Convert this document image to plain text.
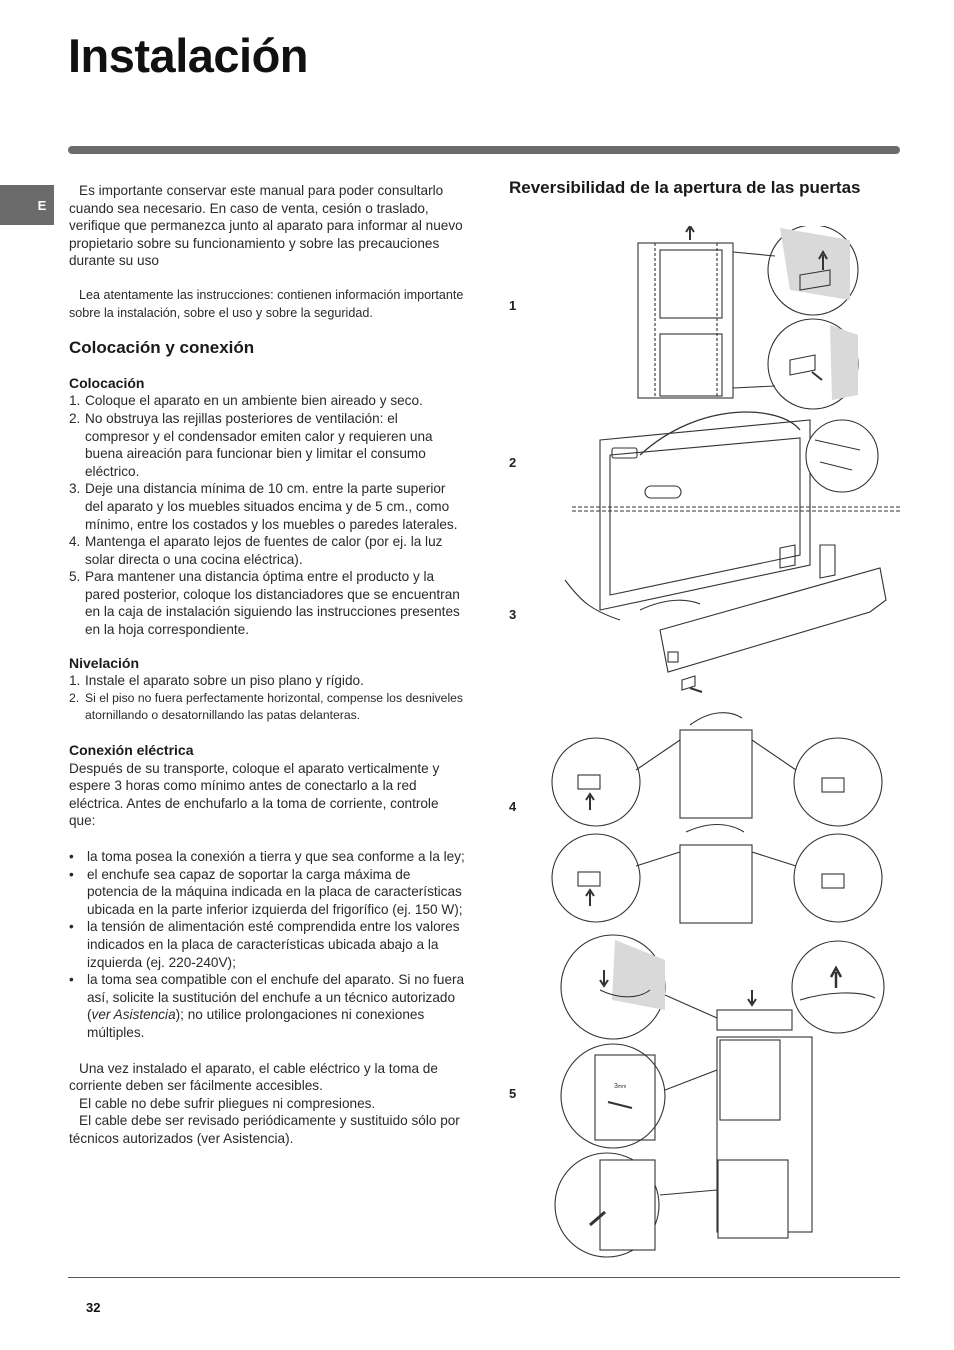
Instalación
E

Es importante conservar este manual para poder consultarlo cuando sea necesario. En caso de venta, cesión o traslado, verifique que permanezca junto al aparato para informar al nuevo propietario sobre su funcionamiento y sobre las precauciones durante su uso

Lea atentamente las instrucciones: contienen información importante sobre la instalación, sobre el uso y sobre la seguridad.

Colocación y conexión
Colocación
1. Coloque el aparato en un ambiente bien aireado y seco.
2. No obstruya las rejillas posteriores de ventilación: el compresor y el condensador emiten calor y requieren una buena aireación para funcionar bien y limitar el consumo eléctrico.
3. Deje una distancia mínima de 10 cm. entre la parte superior del aparato y los muebles situados encima y de 5 cm., como mínimo, entre los costados y los muebles o paredes laterales.
4. Mantenga el aparato lejos de fuentes de calor (por ej. la luz solar directa o una cocina eléctrica).
5. Para mantener una distancia óptima entre el producto y la pared posterior, coloque los distanciadores que se encuentran en la caja de instalación siguiendo las instrucciones presentes en la hoja correspondiente.
Nivelación
1. Instale el aparato sobre un piso plano y rígido.
2. Si el piso no fuera perfectamente horizontal, compense los desniveles atornillando o desatornillando las patas delanteras.
Conexión eléctrica

Después de su transporte, coloque el aparato verticalmente y espere 3 horas como mínimo antes de conectarlo a la red eléctrica. Antes de enchufarlo a la toma de corriente, controle que:

• la toma posea la conexión a tierra y que sea conforme a la ley;
• el enchufe sea capaz de soportar la carga máxima de potencia de la máquina indicada en la placa de características ubicada en la parte inferior izquierda del frigorífico (ej. 150 W);
• la tensión de alimentación esté comprendida entre los valores indicados en la placa de características ubicada abajo a la izquierda (ej. 220-240V);
• la toma sea compatible con el enchufe del aparato. Si no fuera así, solicite la sustitución del enchufe a un técnico autorizado (ver Asistencia); no utilice prolongaciones ni conexiones múltiples.

Una vez instalado el aparato, el cable eléctrico y la toma de corriente deben ser fácilmente accesibles.

El cable no debe sufrir pliegues ni compresiones.

El cable debe ser revisado periódicamente y sustituido sólo por técnicos autorizados (ver Asistencia).

Reversibilidad de la apertura de las puertas
1
2
3
4
5	3mm
32
